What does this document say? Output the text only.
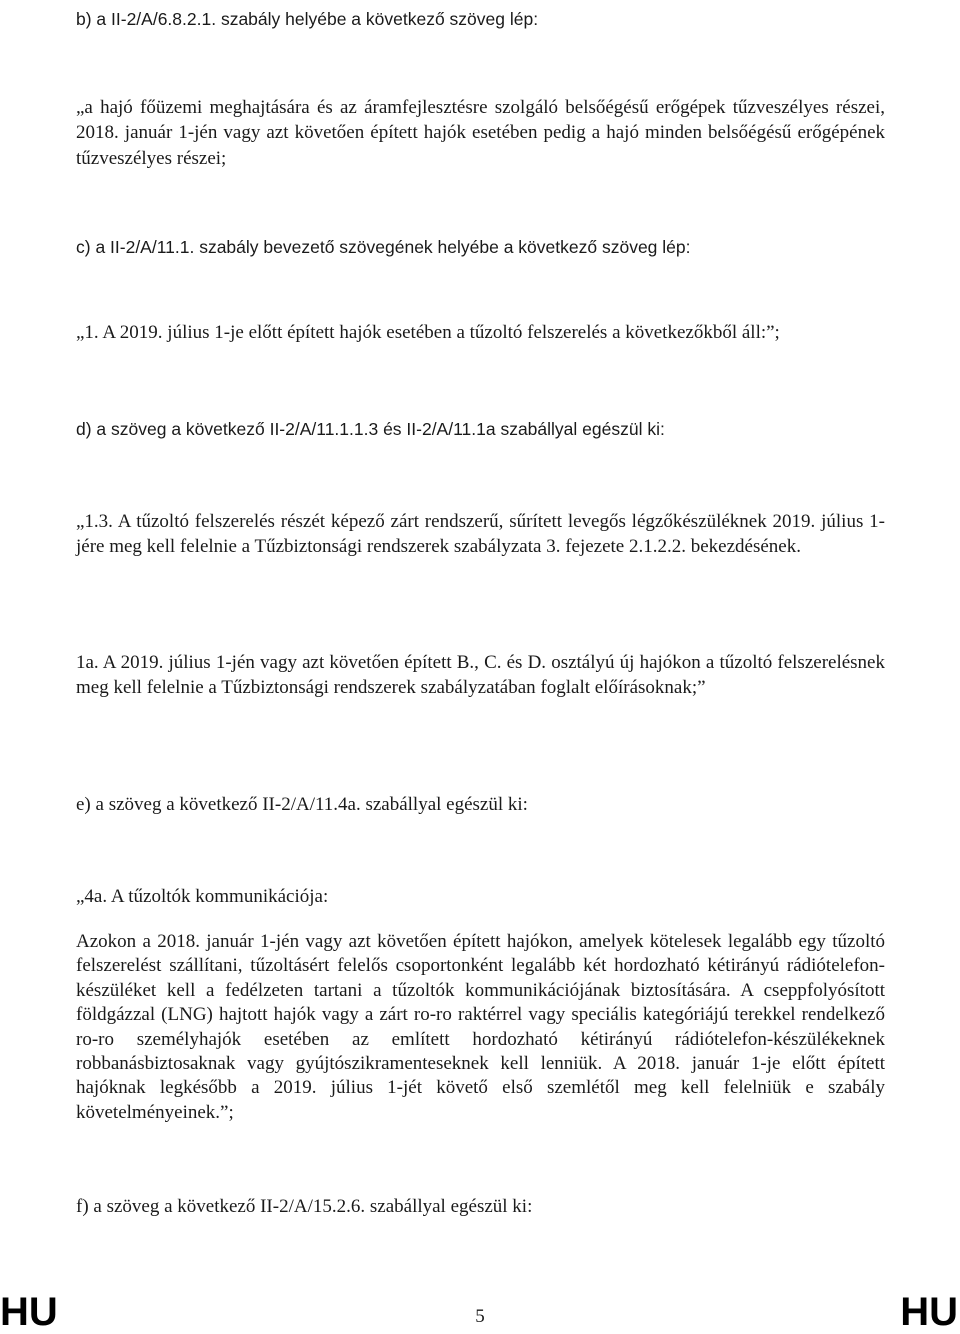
b) a II-2/A/6.8.2.1. szabály helyébe a következő szöveg lép:
„a hajó főüzemi meghajtására és az áramfejlesztésre szolgáló belsőégésű erőgépek tűzveszélyes részei, 2018. január 1-jén vagy azt követően épített hajók esetében pedig a hajó minden belsőégésű erőgépének tűzveszélyes részei;
c) a II-2/A/11.1. szabály bevezető szövegének helyébe a következő szöveg lép:
„1. A 2019. július 1-je előtt épített hajók esetében a tűzoltó felszerelés a következőkből áll:”;
d) a szöveg a következő II-2/A/11.1.1.3 és II-2/A/11.1a szabállyal egészül ki:
„1.3. A tűzoltó felszerelés részét képező zárt rendszerű, sűrített levegős légzőkészüléknek 2019. július 1-jére meg kell felelnie a Tűzbiztonsági rendszerek szabályzata 3. fejezete 2.1.2.2. bekezdésének.
1a. A 2019. július 1-jén vagy azt követően épített B., C. és D. osztályú új hajókon a tűzoltó felszerelésnek meg kell felelnie a Tűzbiztonsági rendszerek szabályzatában foglalt előírásoknak;”
e) a szöveg a következő II-2/A/11.4a. szabállyal egészül ki:
„4a. A tűzoltók kommunikációja:
Azokon a 2018. január 1-jén vagy azt követően épített hajókon, amelyek kötelesek legalább egy tűzoltó felszerelést szállítani, tűzoltásért felelős csoportonként legalább két hordozható kétirányú rádiótelefon-készüléket kell a fedélzeten tartani a tűzoltók kommunikációjának biztosítására. A cseppfolyósított földgázzal (LNG) hajtott hajók vagy a zárt ro-ro raktérrel vagy speciális kategóriájú terekkel rendelkező ro-ro személyhajók esetében az említett hordozható kétirányú rádiótelefon-készülékeknek robbanásbiztosaknak vagy gyújtószikramenteseknek kell lenniük. A 2018. január 1-je előtt épített hajóknak legkésőbb a 2019. július 1-jét követő első szemlétől meg kell felelniük e szabály követelményeinek.”;
f) a szöveg a következő II-2/A/15.2.6. szabállyal egészül ki:
HU	5	HU
